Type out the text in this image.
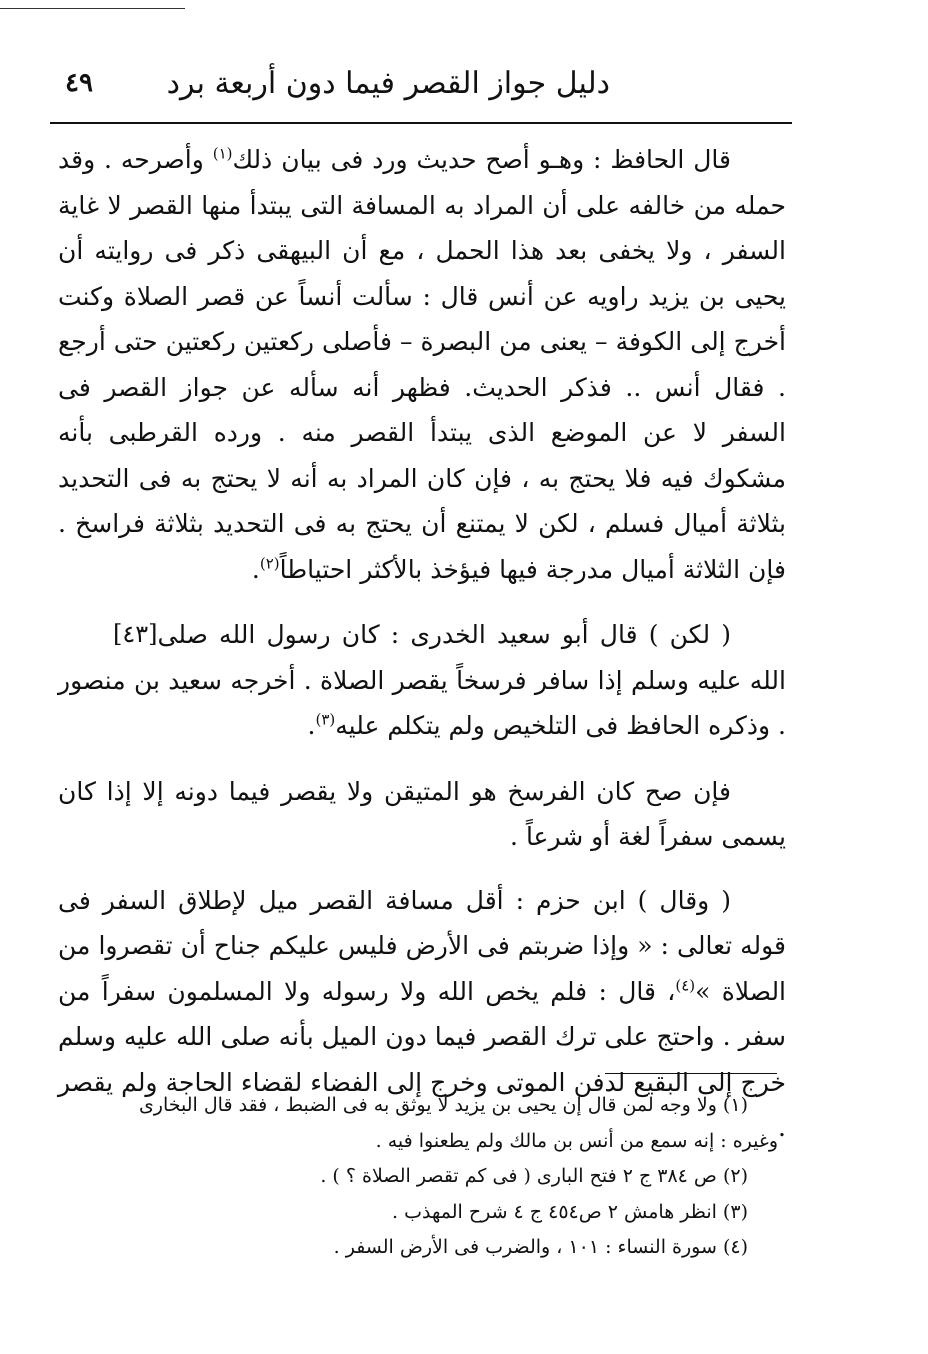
٤٩ دليل جواز القصر فيما دون أربعة برد

قال الحافظ : وهـو أصح حديث ورد فى بيان ذلك$^{(١)}$ وأصرحه . وقد حمله من خالفه على أن المراد به المسافة التى يبتدأ منها القصر لا غاية السفر ، ولا يخفى بعد هذا الحمل ، مع أن البيهقى ذكر فى روايته أن يحيى بن يزيد راويه عن أنس قال : سألت أنساً عن قصر الصلاة وكنت أخرج إلى الكوفة – يعنى من البصرة – فأصلى ركعتين ركعتين حتى أرجع . فقال أنس .. فذكر الحديث. فظهر أنه سأله عن جواز القصر فى السفر لا عن الموضع الذى يبتدأ القصر منه . ورده القرطبى بأنه مشكوك فيه فلا يحتج به ، فإن كان المراد به أنه لا يحتج به فى التحديد بثلاثة أميال فسلم ، لكن لا يمتنع أن يحتج به فى التحديد بثلاثة فراسخ . فإن الثلاثة أميال مدرجة فيها فيؤخذ بالأكثر احتياطاً$^{(٢)}$.

[٤٣] ( لكن ) قال أبو سعيد الخدرى : كان رسول الله صلى الله عليه وسلم إذا سافر فرسخاً يقصر الصلاة . أخرجه سعيد بن منصور . وذكره الحافظ فى التلخيص ولم يتكلم عليه$^{(٣)}$.

فإن صح كان الفرسخ هو المتيقن ولا يقصر فيما دونه إلا إذا كان يسمى سفراً لغة أو شرعاً .

( وقال ) ابن حزم : أقل مسافة القصر ميل لإطلاق السفر فى قوله تعالى : « وإذا ضربتم فى الأرض فليس عليكم جناح أن تقصروا من الصلاة »$^{(٤)}$، قال : فلم يخص الله ولا رسوله ولا المسلمون سفراً من سفر . واحتج على ترك القصر فيما دون الميل بأنه صلى الله عليه وسلم خرج إلى البقيع لدفن الموتى وخرج إلى الفضاء لقضاء الحاجة ولم يقصر .

(١) ولا وجه لمن قال إن يحيى بن يزيد لا يوثق به فى الضبط ، فقد قال البخارى

وغيره : إنه سمع من أنس بن مالك ولم يطعنوا فيه .

(٢) ص ٣٨٤ ج ٢ فتح البارى ( فى كم تقصر الصلاة ؟ ) .

(٣) انظر هامش ٢ ص٤٥٤ ج ٤ شرح المهذب .

(٤) سورة النساء : ١٠١ ، والضرب فى الأرض السفر .
